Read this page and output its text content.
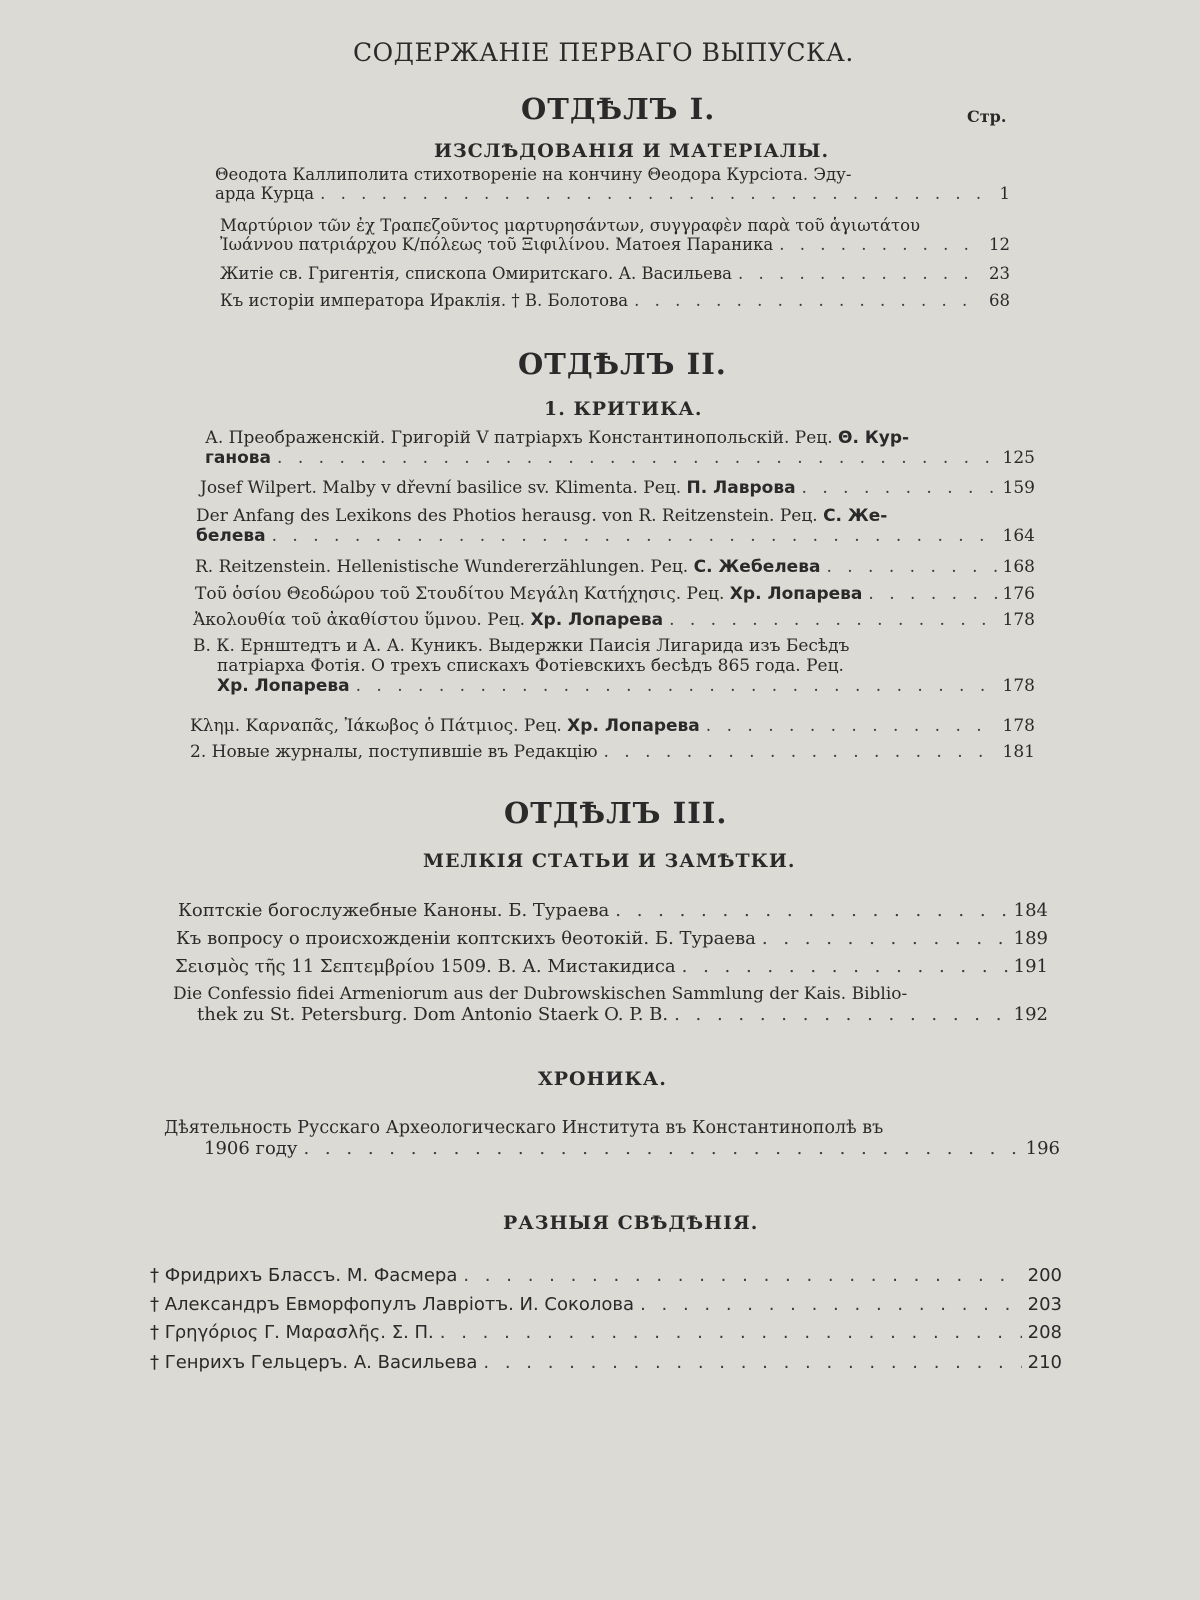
СОДЕРЖАНІЕ ПЕРВАГО ВЫПУСКА.
ОТДѢЛЪ I.	Стр.
ИЗСЛѢДОВАНІЯ И МАТЕРІАЛЫ.
Θеодота Каллиполита стихотвореніе на кончину Θеодора Курсіота. Эду-
арда Курца . . .	1
Μαρτύριον τῶν ἐχ Τραπεζοῦντος μαρτυρησάντων, συγγραφὲν παρὰ τοῦ ἁγιωτάτου
Ἰωάννου πατριάρχου Κ/πόλεως τοῦ Ξιφιλίνου. Матоея Параника . . .	12
Житіе св. Григентія, спископа Омиритскаго. А. Васильева . . .	23
Къ исторіи императора Ираклія. † В. Болотова . . .	68
ОТДѢЛЪ II.
1. КРИТИКА.
А. Преображенскій. Григорій V патріархъ Константинопольскій. Рец. Θ. Кур-
ганова . . .	125
Josef Wilpert. Malby v dřevní basilice sv. Klimenta. Рец. П. Лаврова . . .	159
Der Anfang des Lexikons des Photios herausg. von R. Reitzenstein. Рец. С. Же-
белева . . .	164
R. Reitzenstein. Hellenistische Wundererzählungen. Рец. С. Жебелева . . .	168
Τοῦ ὁσίου Θεοδώρου τοῦ Στουδίτου Μεγάλη Κατήχησις. Рец. Хр. Лопарева . . .	176
Ἀκολουθία τοῦ ἀκαθίστου ὕμνου. Рец. Хр. Лопарева . . .	178
В. К. Ернштедтъ и А. А. Куникъ. Выдержки Паисія Лигарида изъ Бесѣдъ
патріарха Фотія. О трехъ спискахъ Фотіевскихъ бесѣдъ 865 года. Рец.
Хр. Лопарева . . .	178
Κλημ. Καρναπᾶς, Ἰάκωβος ὁ Πάτμιος. Рец. Хр. Лопарева . . .	178
2. Новые журналы, поступившіе въ Редакцію . . .	181
ОТДѢЛЪ III.
МЕЛКІЯ СТАТЬИ И ЗАМѢТКИ.
Коптскіе богослужебные Каноны. Б. Тураева . . .	184
Къ вопросу о происхожденіи коптскихъ θеотокій. Б. Тураева . . .	189
Σεισμὸς τῆς 11 Σεπτεμβρίου 1509. В. А. Мистакидиса . . .	191
Die Confessio fidei Armeniorum aus der Dubrowskischen Sammlung der Kais. Biblio-
thek zu St. Petersburg. Dom Antonio Staerk O. P. B. . . .	192
ХРОНИКА.
Дѣятельность Русскаго Археологическаго Института въ Константинополѣ въ
1906 году . . .	196
РАЗНЫЯ СВѢДѢНІЯ.
† Фридрихъ Блассъ. М. Фасмера . . .	200
† Александръ Евморфопулъ Лавріотъ. И. Соколова . . .	203
† Γρηγόριος Γ. Μαρασλῆς. Σ. Π. . . .	208
† Генрихъ Гельцеръ. А. Васильева . . .	210
